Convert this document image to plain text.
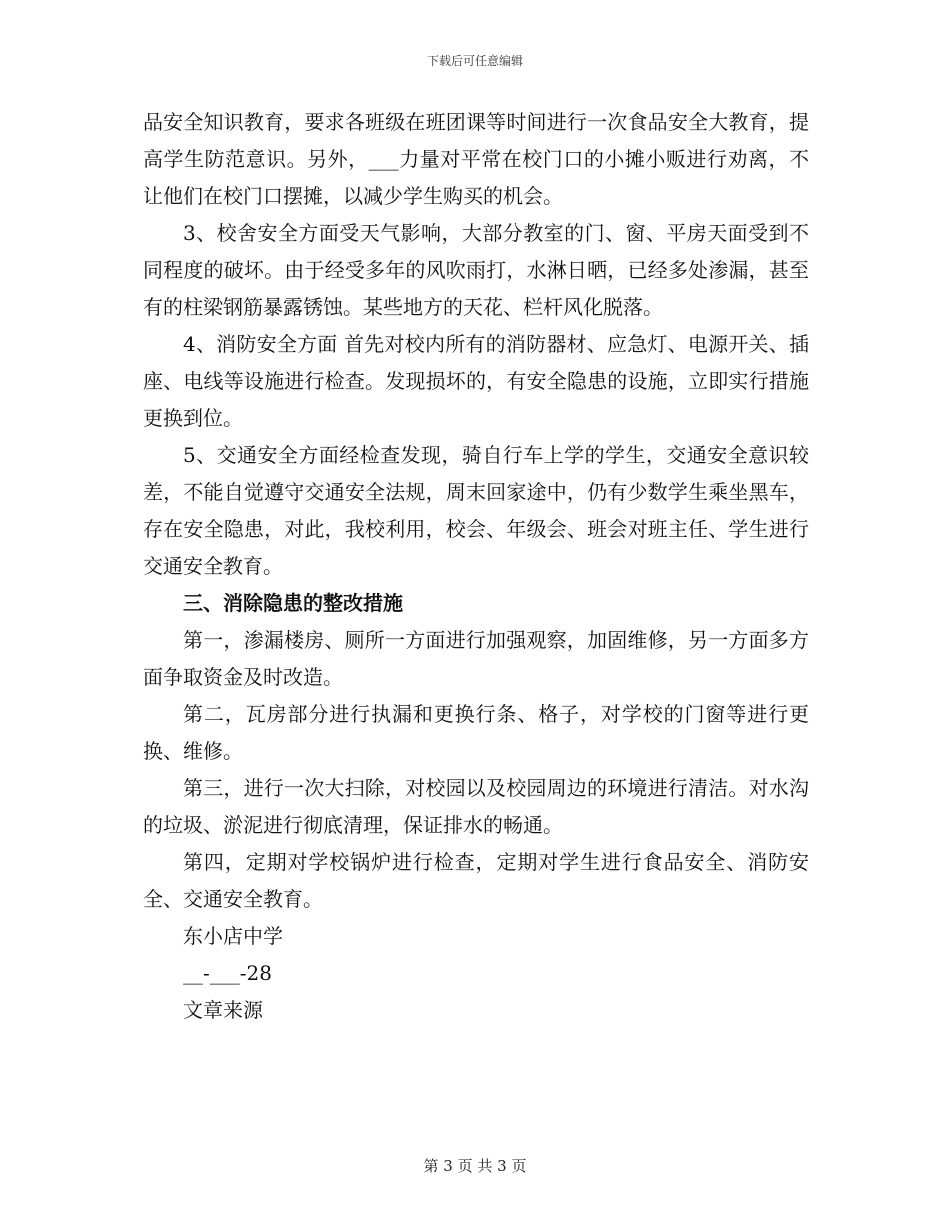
下载后可任意编辑

品安全知识教育，要求各班级在班团课等时间进行一次食品安全大教育，提高学生防范意识。另外，___力量对平常在校门口的小摊小贩进行劝离，不让他们在校门口摆摊，以减少学生购买的机会。

3、校舍安全方面受天气影响，大部分教室的门、窗、平房天面受到不同程度的破坏。由于经受多年的风吹雨打，水淋日晒，已经多处渗漏，甚至有的柱梁钢筋暴露锈蚀。某些地方的天花、栏杆风化脱落。

4、消防安全方面 首先对校内所有的消防器材、应急灯、电源开关、插座、电线等设施进行检查。发现损坏的，有安全隐患的设施，立即实行措施更换到位。

5、交通安全方面经检查发现，骑自行车上学的学生，交通安全意识较差，不能自觉遵守交通安全法规，周末回家途中，仍有少数学生乘坐黑车，存在安全隐患，对此，我校利用，校会、年级会、班会对班主任、学生进行交通安全教育。

三、消除隐患的整改措施

第一，渗漏楼房、厕所一方面进行加强观察，加固维修，另一方面多方面争取资金及时改造。

第二，瓦房部分进行执漏和更换行条、格子，对学校的门窗等进行更换、维修。

第三，进行一次大扫除，对校园以及校园周边的环境进行清洁。对水沟的垃圾、淤泥进行彻底清理，保证排水的畅通。

第四，定期对学校锅炉进行检查，定期对学生进行食品安全、消防安全、交通安全教育。

东小店中学

__-___-28

文章来源

第 3 页 共 3 页
